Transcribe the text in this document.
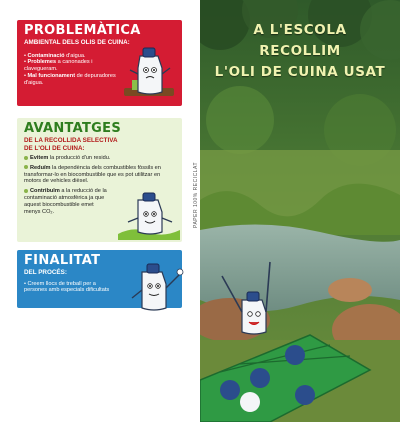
PROBLEMÀTICA
AMBIENTAL DELS OLIS DE CUINA:
• Contaminació d'aigua.
• Problemes a canonades i clavegueram.
• Mal funcionament de depuradores d'aigua.
AVANTATGES
DE LA RECOLLIDA SELECTIVA
DE L'OLI DE CUINA:
Evitem la producció d'un residu.
Reduïm la dependència dels combustibles fòssils en transformar-lo en biocombustible que es pot utilitzar en motors de vehicles dièsel.
Contribuïm a la reducció de la contaminació atmosfèrica ja que aquest biocombustible emet menys CO₂.
FINALITAT
DEL PROCÉS:
• Creem llocs de treball per a persones amb especials dificultats
PAPER 100% RECICLAT
A L'ESCOLA
RECOLLIM
L'OLI DE CUINA USAT
